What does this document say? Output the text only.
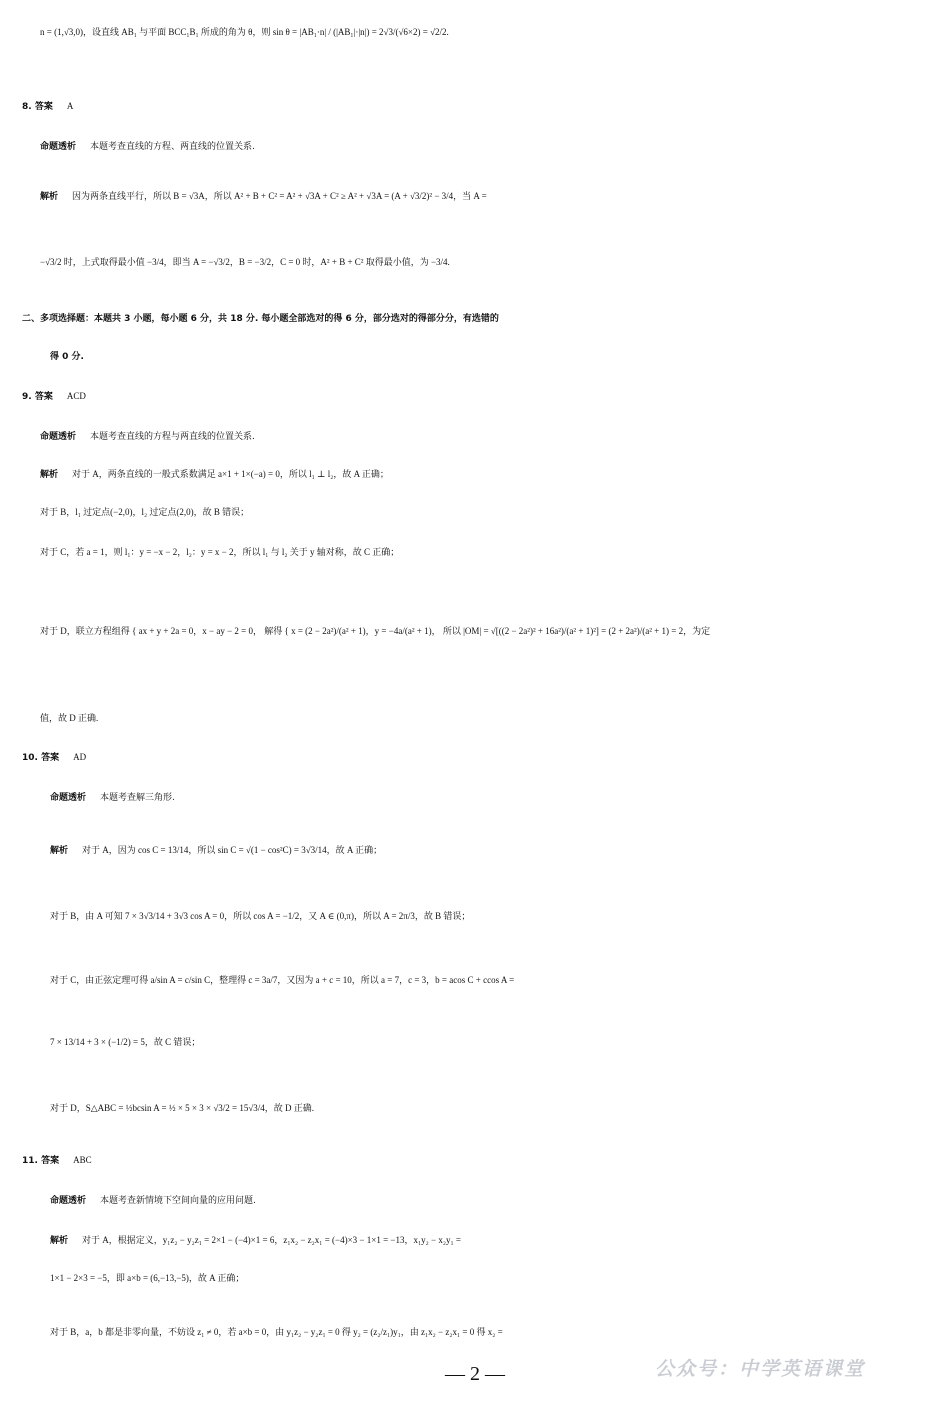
n = (1,√3,0)，设直线 AB₁ 与平面 BCC₁B₁ 所成的角为 θ，则 sin θ = |AB₁·n| / (|AB₁|·|n|) = 2√3/(√6×2) = √2/2.
8. 答案 A
命题透析 本题考查直线的方程、两直线的位置关系.
解析 因为两条直线平行，所以 B = √3A，所以 A² + B + C² = A² + √3A + C² ≥ A² + √3A = (A + √3/2)² − 3/4，当 A =
−√3/2 时，上式取得最小值 −3/4，即当 A = −√3/2，B = −3/2，C = 0 时，A² + B + C² 取得最小值，为 −3/4.
二、多项选择题：本题共 3 小题，每小题 6 分，共 18 分. 每小题全部选对的得 6 分，部分选对的得部分分，有选错的
得 0 分.
9. 答案 ACD
命题透析 本题考查直线的方程与两直线的位置关系.
解析 对于 A，两条直线的一般式系数满足 a×1 + 1×(−a) = 0，所以 l₁ ⊥ l₂，故 A 正确；
对于 B，l₁ 过定点(−2,0)，l₂ 过定点(2,0)，故 B 错误；
对于 C，若 a = 1，则 l₁：y = −x − 2，l₂：y = x − 2，所以 l₁ 与 l₂ 关于 y 轴对称，故 C 正确；
对于 D，联立方程组得 { ax + y + 2a = 0，x − ay − 2 = 0， 解得 { x = (2 − 2a²)/(a² + 1)，y = −4a/(a² + 1)， 所以 |OM| = √[((2 − 2a²)² + 16a²)/(a² + 1)²] = (2 + 2a²)/(a² + 1) = 2，为定
值，故 D 正确.
10. 答案 AD
命题透析 本题考查解三角形.
解析 对于 A，因为 cos C = 13/14，所以 sin C = √(1 − cos²C) = 3√3/14，故 A 正确；
对于 B，由 A 可知 7 × 3√3/14 + 3√3 cos A = 0，所以 cos A = −1/2，又 A ∈ (0,π)，所以 A = 2π/3，故 B 错误；
对于 C，由正弦定理可得 a/sin A = c/sin C，整理得 c = 3a/7，又因为 a + c = 10，所以 a = 7，c = 3，b = acos C + ccos A =
7 × 13/14 + 3 × (−1/2) = 5，故 C 错误；
对于 D，S△ABC = ½bcsin A = ½ × 5 × 3 × √3/2 = 15√3/4，故 D 正确.
11. 答案 ABC
命题透析 本题考查新情境下空间向量的应用问题.
解析 对于 A，根据定义，y₁z₂ − y₂z₁ = 2×1 − (−4)×1 = 6，z₁x₂ − z₂x₁ = (−4)×3 − 1×1 = −13，x₁y₂ − x₂y₁ =
1×1 − 2×3 = −5，即 a×b = (6,−13,−5)，故 A 正确；
对于 B，a，b 都是非零向量，不妨设 z₁ ≠ 0，若 a×b = 0，由 y₁z₂ − y₂z₁ = 0 得 y₂ = (z₂/z₁)y₁，由 z₁x₂ − z₂x₁ = 0 得 x₂ =
公众号：中学英语课堂
— 2 —
